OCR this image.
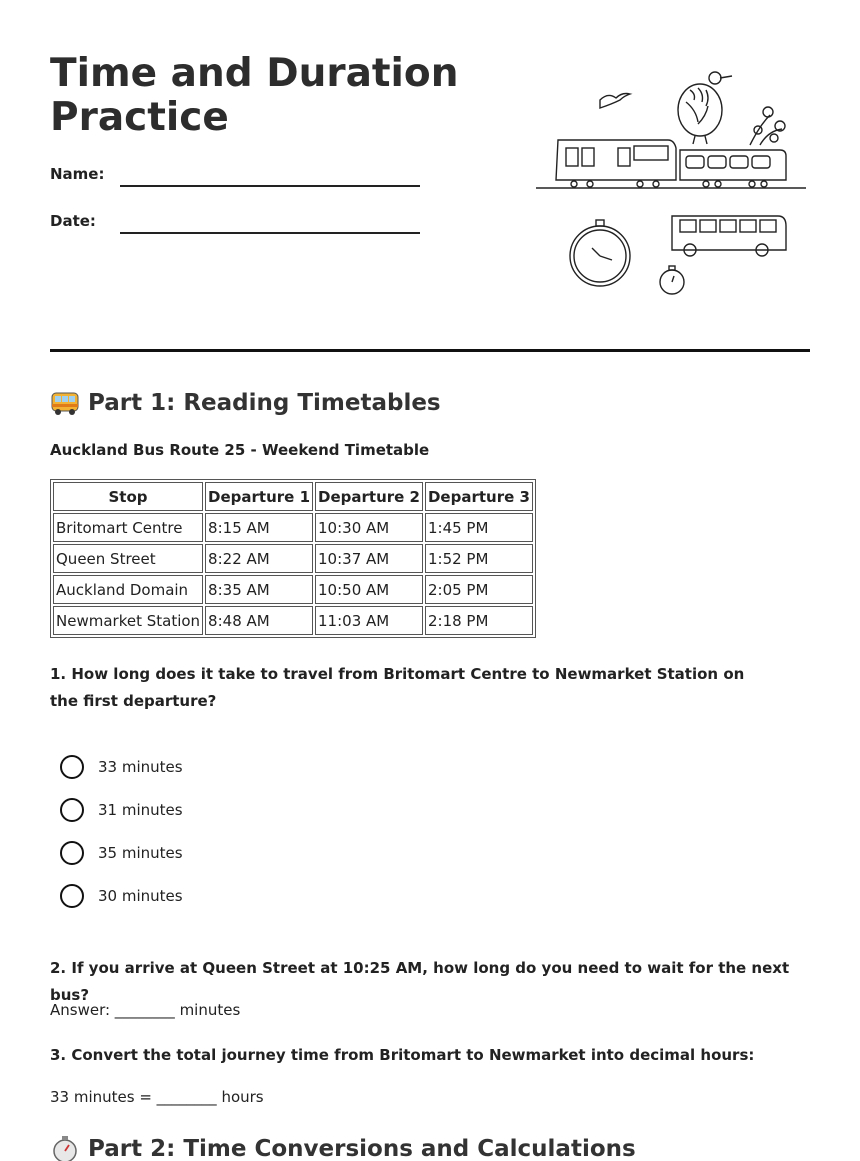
Time and Duration Practice
Name:
Date:
Part 1: Reading Timetables
Auckland Bus Route 25 - Weekend Timetable
Stop	Departure 1	Departure 2	Departure 3
Britomart Centre	8:15 AM	10:30 AM	1:45 PM
Queen Street	8:22 AM	10:37 AM	1:52 PM
Auckland Domain	8:35 AM	10:50 AM	2:05 PM
Newmarket Station	8:48 AM	11:03 AM	2:18 PM
1. How long does it take to travel from Britomart Centre to Newmarket Station on the first departure?
33 minutes
31 minutes
35 minutes
30 minutes
2. If you arrive at Queen Street at 10:25 AM, how long do you need to wait for the next bus?
Answer: ________ minutes
3. Convert the total journey time from Britomart to Newmarket into decimal hours:
33 minutes = ________ hours
Part 2: Time Conversions and Calculations
